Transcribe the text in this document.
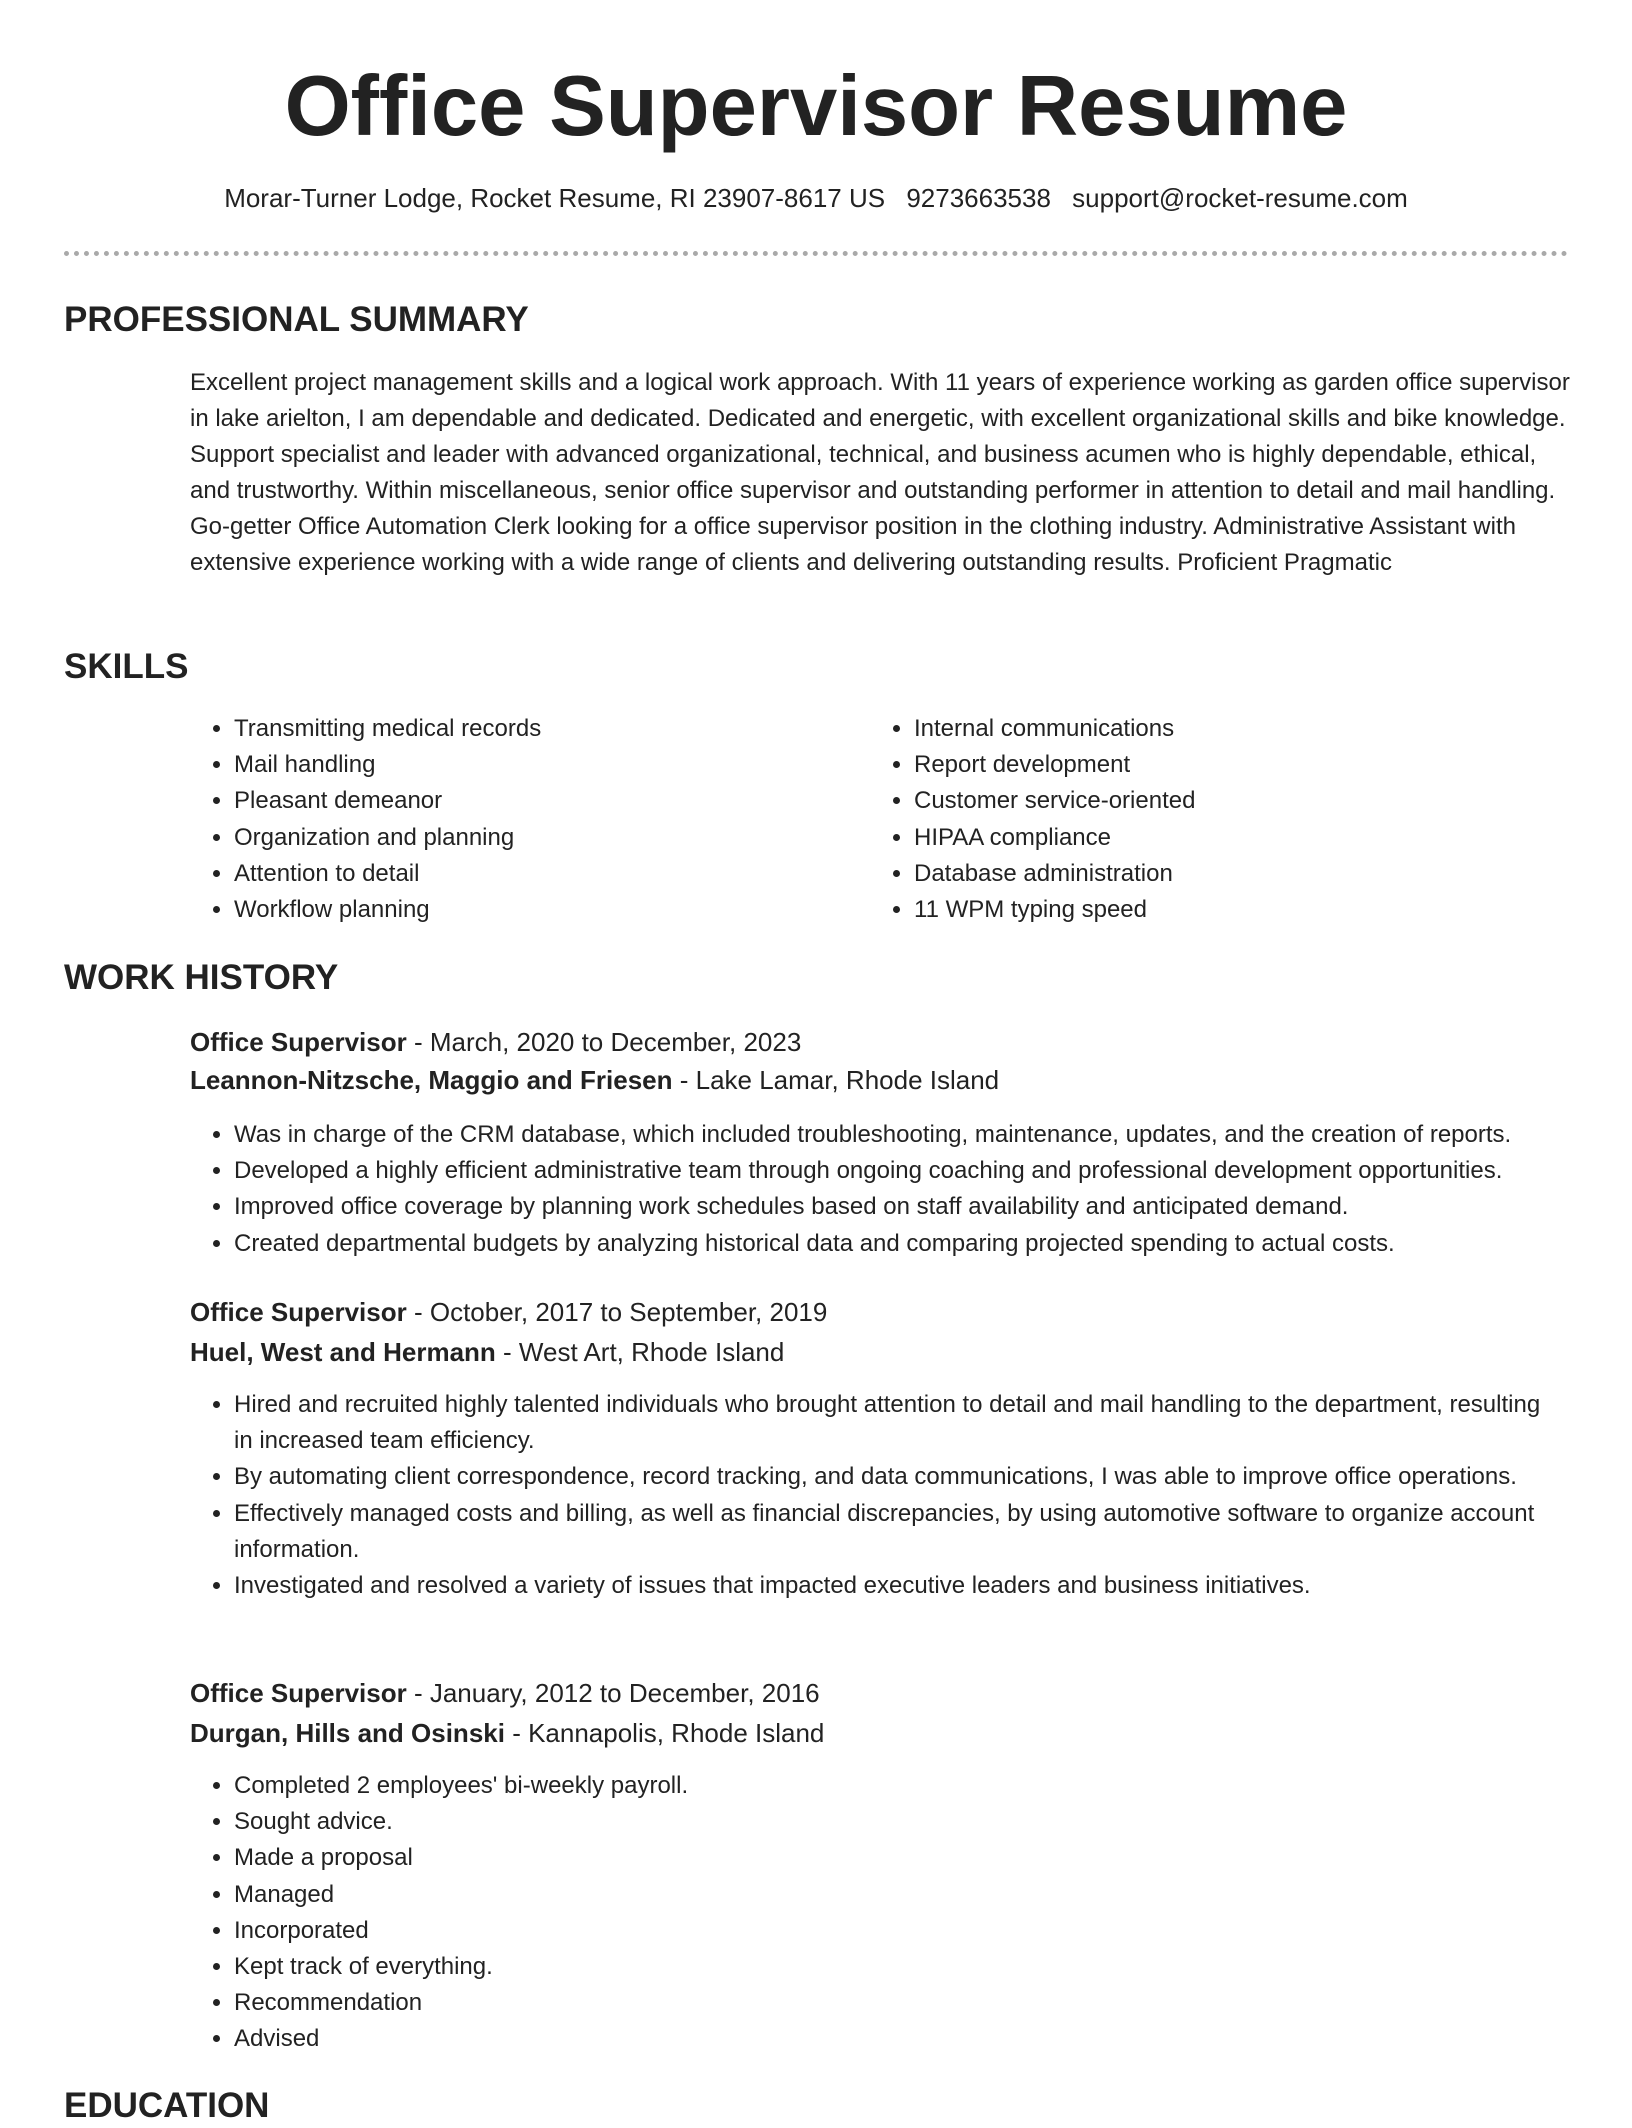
Office Supervisor Resume
Morar-Turner Lodge, Rocket Resume, RI 23907-8617 US 9273663538 support@rocket-resume.com
PROFESSIONAL SUMMARY
Excellent project management skills and a logical work approach. With 11 years of experience working as garden office supervisor in lake arielton, I am dependable and dedicated. Dedicated and energetic, with excellent organizational skills and bike knowledge. Support specialist and leader with advanced organizational, technical, and business acumen who is highly dependable, ethical, and trustworthy. Within miscellaneous, senior office supervisor and outstanding performer in attention to detail and mail handling. Go-getter Office Automation Clerk looking for a office supervisor position in the clothing industry. Administrative Assistant with extensive experience working with a wide range of clients and delivering outstanding results. Proficient Pragmatic
SKILLS
• Transmitting medical records
• Mail handling
• Pleasant demeanor
• Organization and planning
• Attention to detail
• Workflow planning
• Internal communications
• Report development
• Customer service-oriented
• HIPAA compliance
• Database administration
• 11 WPM typing speed
WORK HISTORY
Office Supervisor - March, 2020 to December, 2023
Leannon-Nitzsche, Maggio and Friesen - Lake Lamar, Rhode Island
• Was in charge of the CRM database, which included troubleshooting, maintenance, updates, and the creation of reports.
• Developed a highly efficient administrative team through ongoing coaching and professional development opportunities.
• Improved office coverage by planning work schedules based on staff availability and anticipated demand.
• Created departmental budgets by analyzing historical data and comparing projected spending to actual costs.
Office Supervisor - October, 2017 to September, 2019
Huel, West and Hermann - West Art, Rhode Island
• Hired and recruited highly talented individuals who brought attention to detail and mail handling to the department, resulting in increased team efficiency.
• By automating client correspondence, record tracking, and data communications, I was able to improve office operations.
• Effectively managed costs and billing, as well as financial discrepancies, by using automotive software to organize account information.
• Investigated and resolved a variety of issues that impacted executive leaders and business initiatives.
Office Supervisor - January, 2012 to December, 2016
Durgan, Hills and Osinski - Kannapolis, Rhode Island
• Completed 2 employees' bi-weekly payroll.
• Sought advice.
• Made a proposal
• Managed
• Incorporated
• Kept track of everything.
• Recommendation
• Advised
EDUCATION
